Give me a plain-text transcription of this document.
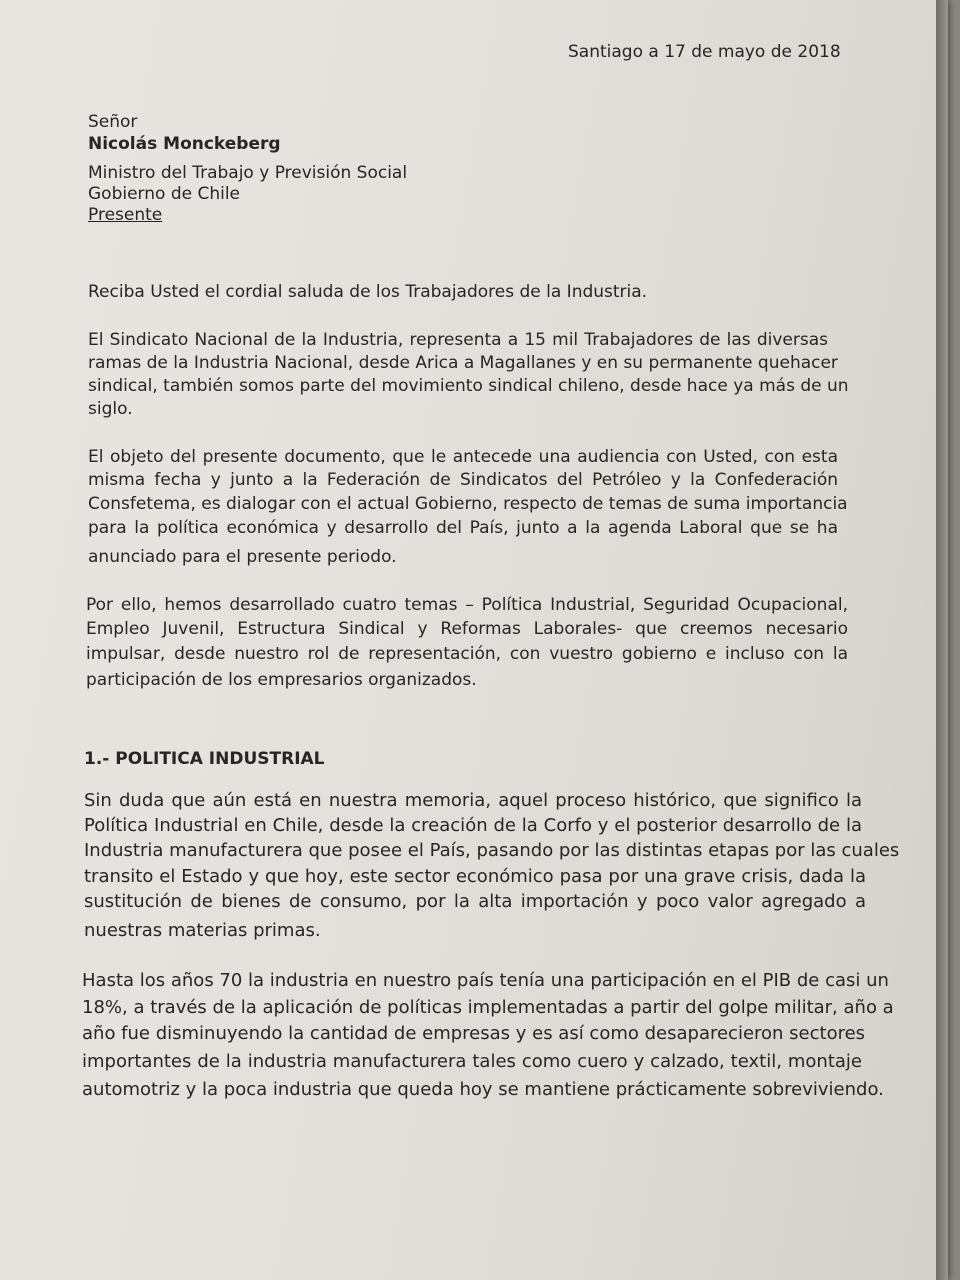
Santiago a 17 de mayo de 2018
Señor
Nicolás Monckeberg
Ministro del Trabajo y Previsión Social
Gobierno de Chile
Presente
Reciba Usted el cordial saluda de los Trabajadores de la Industria.
El Sindicato Nacional de la Industria, representa a 15 mil Trabajadores de las diversas
ramas de la Industria Nacional, desde Arica a Magallanes y en su permanente quehacer
sindical, también somos parte del movimiento sindical chileno, desde hace ya más de un
siglo.
El objeto del presente documento, que le antecede una audiencia con Usted, con esta
misma fecha y junto a la Federación de Sindicatos del Petróleo y la Confederación
Consfetema, es dialogar con el actual Gobierno, respecto de temas de suma importancia
para la política económica y desarrollo del País, junto a la agenda Laboral que se ha
anunciado para el presente periodo.
Por ello, hemos desarrollado cuatro temas – Política Industrial, Seguridad Ocupacional,
Empleo Juvenil, Estructura Sindical y Reformas Laborales- que creemos necesario
impulsar, desde nuestro rol de representación, con vuestro gobierno e incluso con la
participación de los empresarios organizados.
1.- POLITICA INDUSTRIAL
Sin duda que aún está en nuestra memoria, aquel proceso histórico, que significo la
Política Industrial en Chile, desde la creación de la Corfo y el posterior desarrollo de la
Industria manufacturera que posee el País, pasando por las distintas etapas por las cuales
transito el Estado y que hoy, este sector económico pasa por una grave crisis, dada la
sustitución de bienes de consumo, por la alta importación y poco valor agregado a
nuestras materias primas.
Hasta los años 70 la industria en nuestro país tenía una participación en el PIB de casi un
18%, a través de la aplicación de políticas implementadas a partir del golpe militar, año a
año fue disminuyendo la cantidad de empresas y es así como desaparecieron sectores
importantes de la industria manufacturera tales como cuero y calzado, textil, montaje
automotriz y la poca industria que queda hoy se mantiene prácticamente sobreviviendo.
